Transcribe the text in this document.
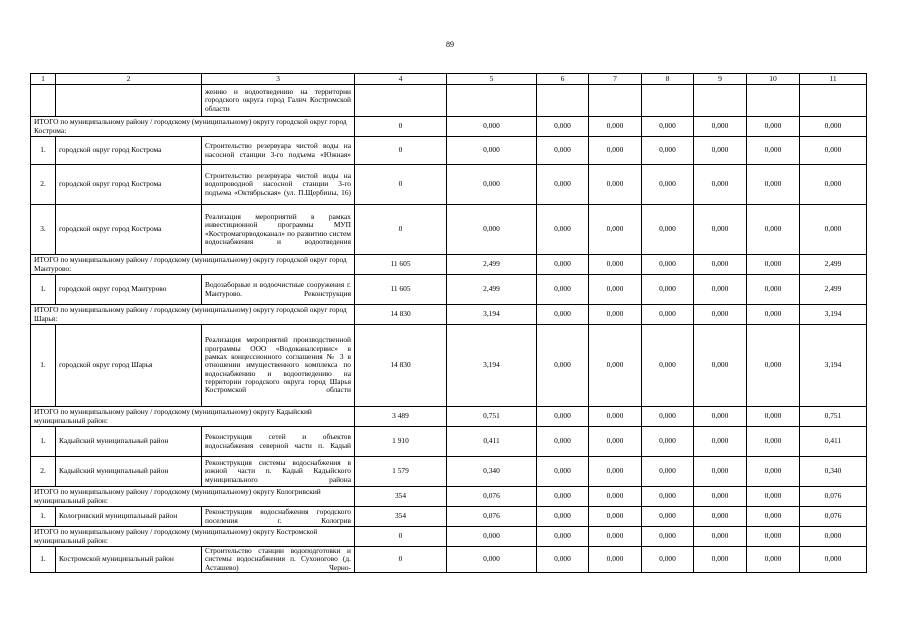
89
1	2	3	4	5	6	7	8	9	10	11
		жению и водоотведению на территории городского округа город Галич Костромской области								
ИТОГО по муниципальному району / городскому (муниципальному) округу городской округ город Кострома:			0	0,000	0,000	0,000	0,000	0,000	0,000	0,000
1.	городской округ город Кострома	Строительство резервуара чистой воды на насосной станции 3-го подъема «Южная»	0	0,000	0,000	0,000	0,000	0,000	0,000	0,000
2.	городской округ город Кострома	Строительство резервуара чистой воды на водопроводной насосной станции 3-го подъема «Октябрьская» (ул. П.Щербины, 16)	0	0,000	0,000	0,000	0,000	0,000	0,000	0,000
3.	городской округ город Кострома	Реализация мероприятий в рамках инвестиционной программы МУП «Костромагорводоканал» по развитию систем водоснабжения и водоотведения	0	0,000	0,000	0,000	0,000	0,000	0,000	0,000
ИТОГО по муниципальному району / городскому (муниципальному) округу городской округ город Мантурово:			11 605	2,499	0,000	0,000	0,000	0,000	0,000	2,499
1.	городской округ город Мантурово	Водозаборные и водоочистные сооружения г. Мантурово. Реконструкция	11 605	2,499	0,000	0,000	0,000	0,000	0,000	2,499
ИТОГО по муниципальному району / городскому (муниципальному) округу городской округ город Шарья:			14 830	3,194	0,000	0,000	0,000	0,000	0,000	3,194
1.	городской округ город Шарья	Реализация мероприятий производственной программы ООО «Водоканалсервис» в рамках концессионного соглашения № 3 в отношении имущественного комплекса по водоснабжению и водоотведению на территории городского округа город Шарья Костромской области	14 830	3,194	0,000	0,000	0,000	0,000	0,000	3,194
ИТОГО по муниципальному району / городскому (муниципальному) округу Кадыйский муниципальный район:			3 489	0,751	0,000	0,000	0,000	0,000	0,000	0,751
1.	Кадыйский муниципальный район	Реконструкция сетей и объектов водоснабжения северной части п. Кадый	1 910	0,411	0,000	0,000	0,000	0,000	0,000	0,411
2.	Кадыйский муниципальный район	Реконструкция системы водоснабжения в южной части п. Кадый Кадыйского муниципального района	1 579	0,340	0,000	0,000	0,000	0,000	0,000	0,340
ИТОГО по муниципальному району / городскому (муниципальному) округу Кологривский муниципальный район:			354	0,076	0,000	0,000	0,000	0,000	0,000	0,076
1.	Кологривский муниципальный район	Реконструкция водоснабжения городского поселения г. Кологрив	354	0,076	0,000	0,000	0,000	0,000	0,000	0,076
ИТОГО по муниципальному району / городскому (муниципальному) округу Костромской муниципальный район:			0	0,000	0,000	0,000	0,000	0,000	0,000	0,000
1.	Костромской муниципальный район	Строительство станции водоподготовки и системы водоснабжения п. Сухоногово (д. Асташево) Черно-	0	0,000	0,000	0,000	0,000	0,000	0,000	0,000
